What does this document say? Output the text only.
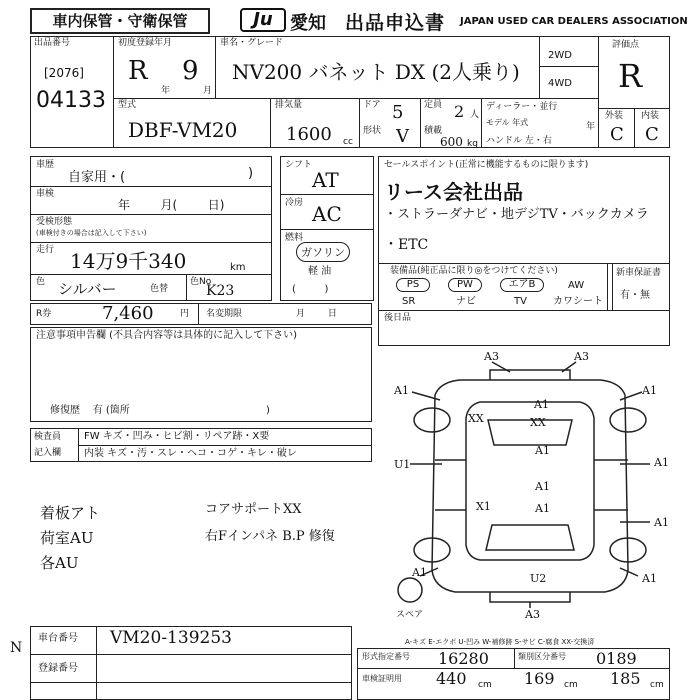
車内保管・守衛保管	Ju 愛知 出品申込書 JAPAN USED CAR DEALERS ASSOCIATION
出品番号
[2076]
04133
初度登録年月
R
年
9
月
車名・グレード
NV200 バネット DX (2人乗り)
2WD
4WD
評価点
R
外装 内装
C C
型式
DBF-VM20
排気量
1600 cc
ドア 5
形状 V
定員 2 人
積載
600 kg
ディーラー・並行
モデル 年式	年
ハンドル 左・右
車歴
自家用・(	)
車検
年        月(        日)
受検形態
(車検付きの場合は記入して下さい)
走行 14万9千340	km
色 シルバー	色替
色No
K23
R券	7,460	円 名変期限	月        日
シフト
AT
冷房 AC
燃料
ガソリン
軽 油
(         )
セールスポイント(正常に機能するものに限ります)
リース会社出品
・ストラーダナビ・地デジTV・バックカメラ
・ETC
装備品(純正品に限り◎をつけてください)
PS	PW	エアB	AW
SR	ナビ	TV	カワシート
新車保証書
有・無
後日品
注意事項申告欄 (不具合内容等は具体的に記入して下さい)
修復歴    有 (箇所	)
検査員
記入欄
FW キズ・凹み・ヒビ割・リペア跡・X要
内装 キズ・汚・スレ・ヘコ・コゲ・キレ・破レ
着板アト
荷室AU
各AU
コアサポートXX
右Fインパネ B.P 修復
A3	A3
A1	A1
XX
A1
XX
A1
A1
U1
A1
X1	A1
A1
U2
A1	A1
A3
スペア
A-キズ E-エクボ U-凹み W-補修跡 S-サビ C-腐食 XX-交換済
N
車台番号 VM20-139253
登録番号
形式指定番号 16280	類別区分番号 0189
車検証明用 440 cm 169 cm 185 cm
